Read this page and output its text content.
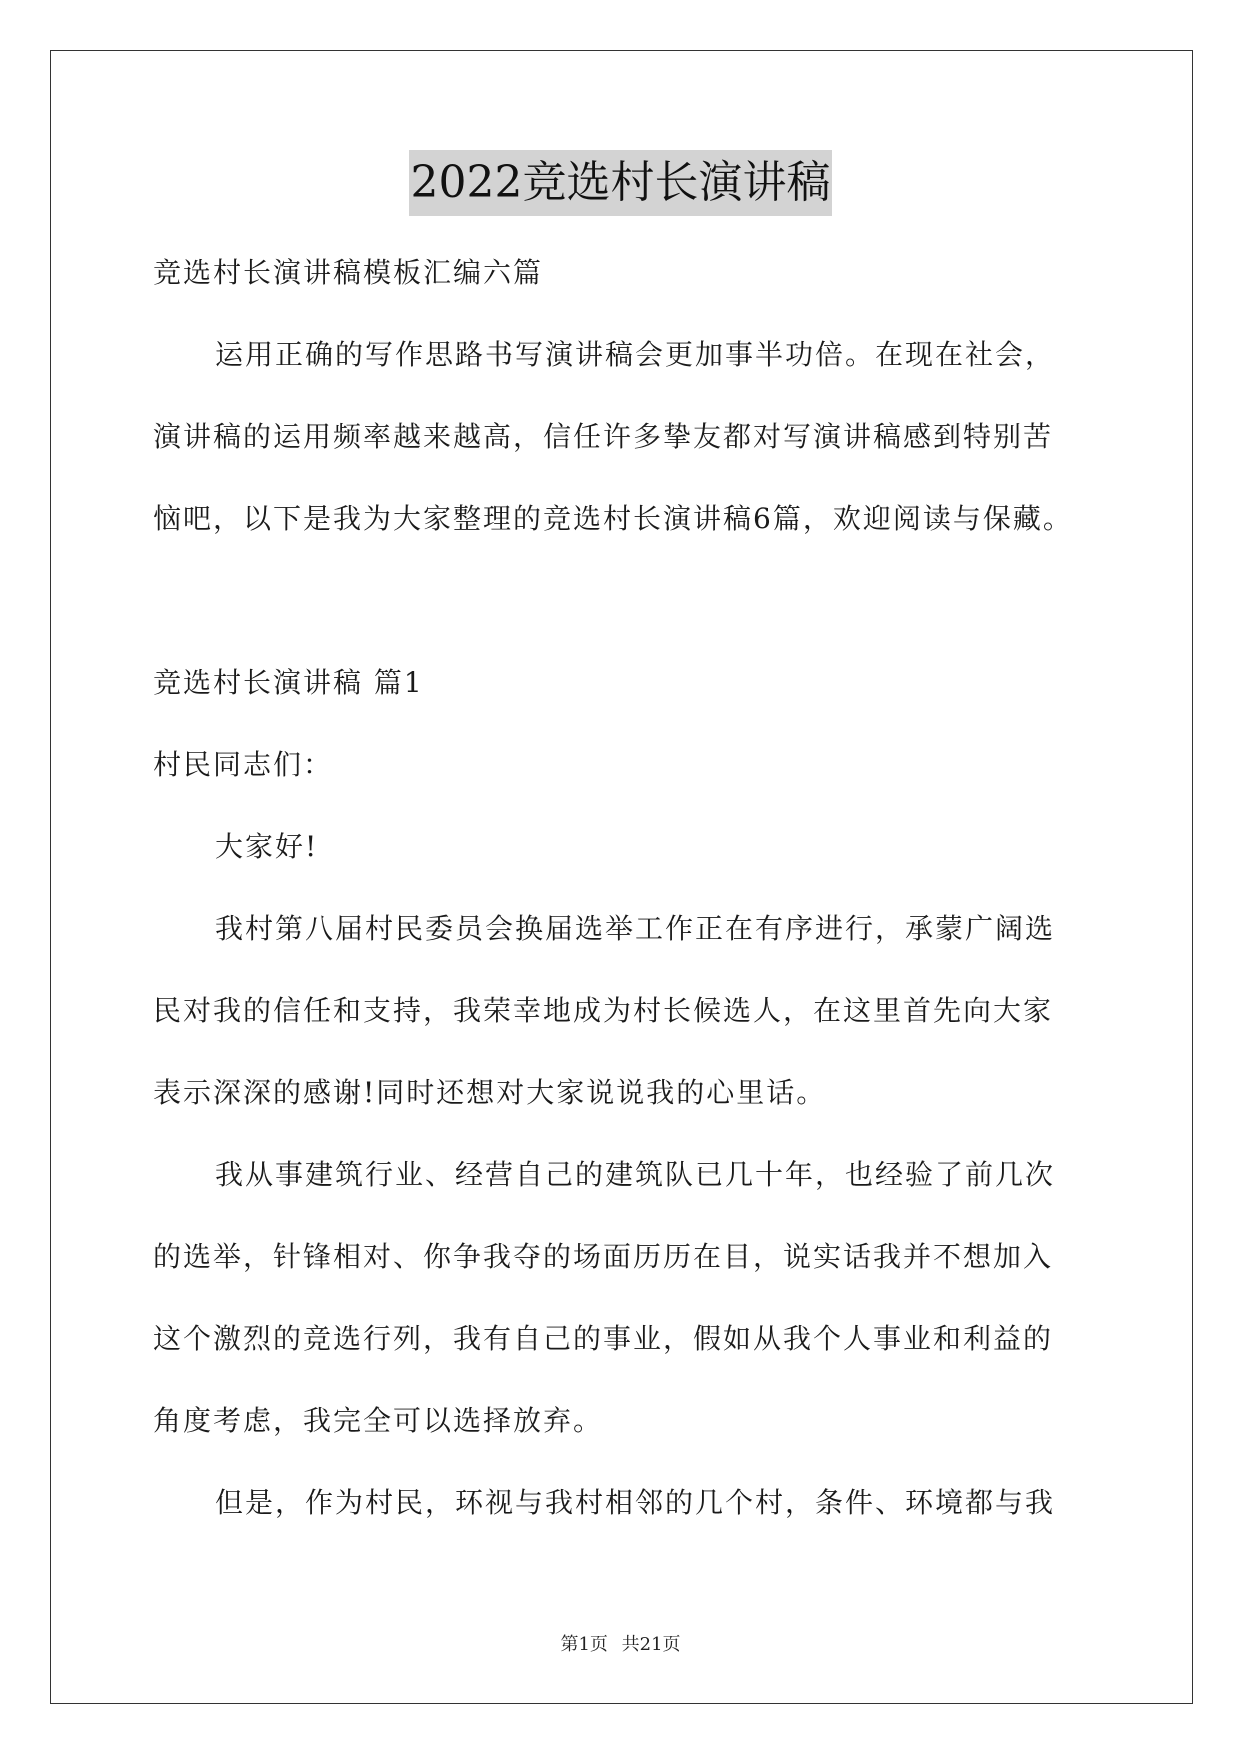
2022竞选村长演讲稿
竞选村长演讲稿模板汇编六篇
运用正确的写作思路书写演讲稿会更加事半功倍。在现在社会，
演讲稿的运用频率越来越高，信任许多挚友都对写演讲稿感到特别苦
恼吧，以下是我为大家整理的竞选村长演讲稿6篇，欢迎阅读与保藏。
竞选村长演讲稿 篇1
村民同志们：
大家好!
我村第八届村民委员会换届选举工作正在有序进行，承蒙广阔选
民对我的信任和支持，我荣幸地成为村长候选人，在这里首先向大家
表示深深的感谢!同时还想对大家说说我的心里话。
我从事建筑行业、经营自己的建筑队已几十年，也经验了前几次
的选举，针锋相对、你争我夺的场面历历在目，说实话我并不想加入
这个激烈的竞选行列，我有自己的事业，假如从我个人事业和利益的
角度考虑，我完全可以选择放弃。
但是，作为村民，环视与我村相邻的几个村，条件、环境都与我
第1页 共21页
